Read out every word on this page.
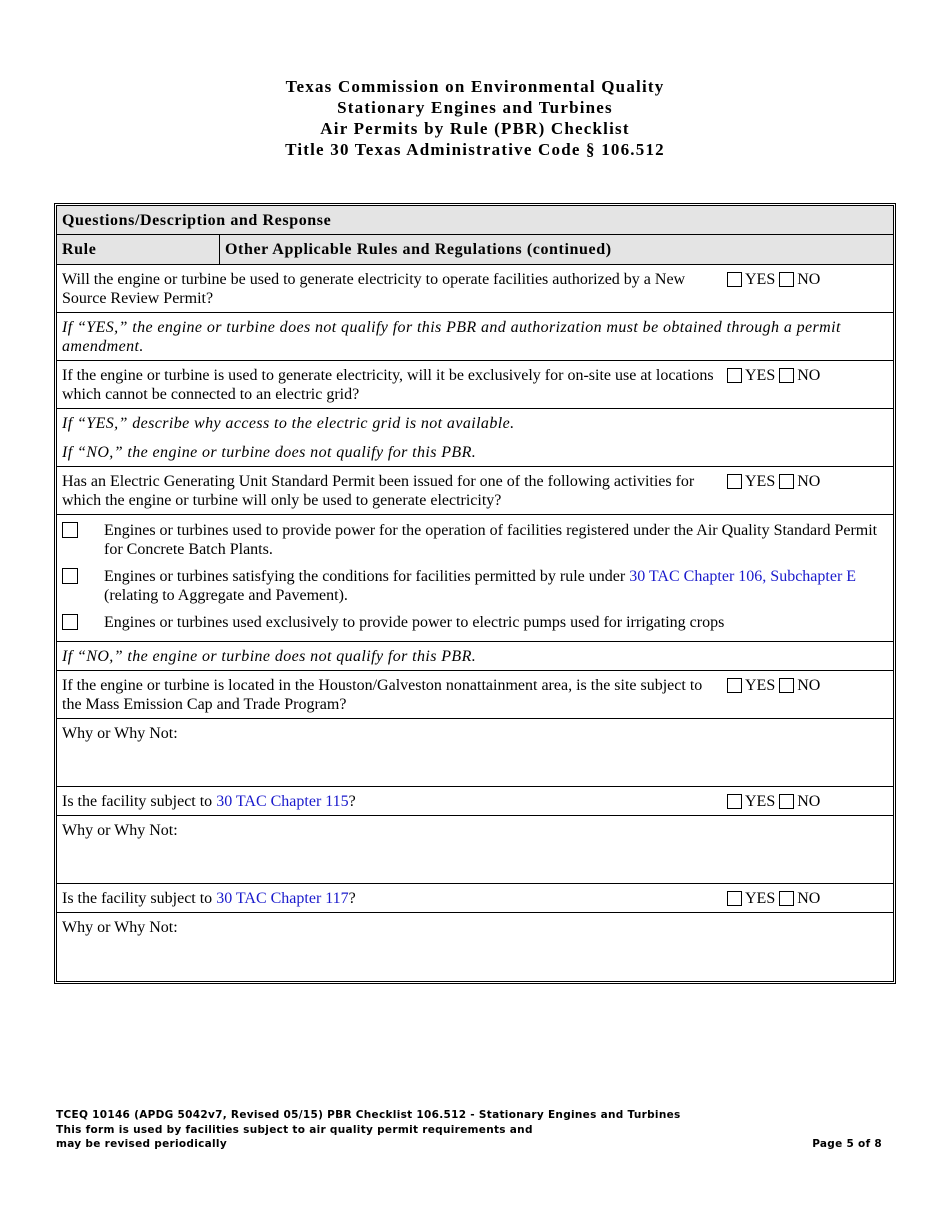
Texas Commission on Environmental Quality
Stationary Engines and Turbines
Air Permits by Rule (PBR) Checklist
Title 30 Texas Administrative Code § 106.512
Questions/Description and Response
Rule	Other Applicable Rules and Regulations (continued)
Will the engine or turbine be used to generate electricity to operate facilities authorized by a New Source Review Permit?
YES NO
If “YES,” the engine or turbine does not qualify for this PBR and authorization must be obtained through a permit amendment.
If the engine or turbine is used to generate electricity, will it be exclusively for on-site use at locations which cannot be connected to an electric grid?
YES NO
If “YES,” describe why access to the electric grid is not available.
If “NO,” the engine or turbine does not qualify for this PBR.
Has an Electric Generating Unit Standard Permit been issued for one of the following activities for which the engine or turbine will only be used to generate electricity?
YES NO
Engines or turbines used to provide power for the operation of facilities registered under the Air Quality Standard Permit for Concrete Batch Plants.
Engines or turbines satisfying the conditions for facilities permitted by rule under 30 TAC Chapter 106, Subchapter E (relating to Aggregate and Pavement).
Engines or turbines used exclusively to provide power to electric pumps used for irrigating crops
If “NO,” the engine or turbine does not qualify for this PBR.
If the engine or turbine is located in the Houston/Galveston nonattainment area, is the site subject to the Mass Emission Cap and Trade Program?
YES NO
Why or Why Not:
Is the facility subject to 30 TAC Chapter 115?	YES NO
Why or Why Not:
Is the facility subject to 30 TAC Chapter 117?	YES NO
Why or Why Not:
TCEQ 10146 (APDG 5042v7, Revised 05/15) PBR Checklist 106.512 - Stationary Engines and Turbines
This form is used by facilities subject to air quality permit requirements and
may be revised periodically	Page 5 of 8
